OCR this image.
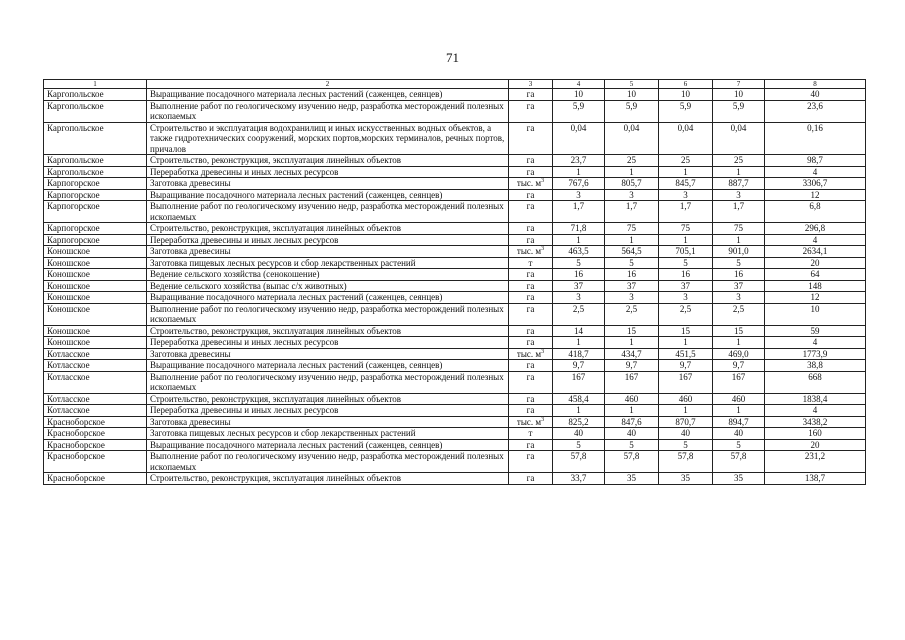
71
1	2	3	4	5	6	7	8
Каргопольское	Выращивание посадочного материала лесных растений (саженцев, сеянцев)	га	10	10	10	10	40
Каргопольское	Выполнение работ по геологическому изучению недр, разработка месторождений полезных ископаемых	га	5,9	5,9	5,9	5,9	23,6
Каргопольское	Строительство и эксплуатация водохранилищ и иных искусственных водных объектов, а также гидротехнических сооружений, морских портов,морских терминалов, речных портов, причалов	га	0,04	0,04	0,04	0,04	0,16
Каргопольское	Строительство, реконструкция, эксплуатация линейных объектов	га	23,7	25	25	25	98,7
Каргопольское	Переработка древесины и иных лесных ресурсов	га	1	1	1	1	4
Карпогорское	Заготовка древесины	тыс. $м^3$	767,6	805,7	845,7	887,7	3306,7
Карпогорское	Выращивание посадочного материала лесных растений (саженцев, сеянцев)	га	3	3	3	3	12
Карпогорское	Выполнение работ по геологическому изучению недр, разработка месторождений полезных ископаемых	га	1,7	1,7	1,7	1,7	6,8
Карпогорское	Строительство, реконструкция, эксплуатация линейных объектов	га	71,8	75	75	75	296,8
Карпогорское	Переработка древесины и иных лесных ресурсов	га	1	1	1	1	4
Коношское	Заготовка древесины	тыс. $м^3$	463,5	564,5	705,1	901,0	2634,1
Коношское	Заготовка пищевых лесных ресурсов и сбор лекарственных растений	т	5	5	5	5	20
Коношское	Ведение сельского хозяйства (сенокошение)	га	16	16	16	16	64
Коношское	Ведение сельского хозяйства (выпас с/х животных)	га	37	37	37	37	148
Коношское	Выращивание посадочного материала лесных растений (саженцев, сеянцев)	га	3	3	3	3	12
Коношское	Выполнение работ по геологическому изучению недр, разработка месторождений полезных ископаемых	га	2,5	2,5	2,5	2,5	10
Коношское	Строительство, реконструкция, эксплуатация линейных объектов	га	14	15	15	15	59
Коношское	Переработка древесины и иных лесных ресурсов	га	1	1	1	1	4
Котласское	Заготовка древесины	тыс. $м^3$	418,7	434,7	451,5	469,0	1773,9
Котласское	Выращивание посадочного материала лесных растений (саженцев, сеянцев)	га	9,7	9,7	9,7	9,7	38,8
Котласское	Выполнение работ по геологическому изучению недр, разработка месторождений полезных ископаемых	га	167	167	167	167	668
Котласское	Строительство, реконструкция, эксплуатация линейных объектов	га	458,4	460	460	460	1838,4
Котласское	Переработка древесины и иных лесных ресурсов	га	1	1	1	1	4
Красноборское	Заготовка древесины	тыс. $м^3$	825,2	847,6	870,7	894,7	3438,2
Красноборское	Заготовка пищевых лесных ресурсов и сбор лекарственных растений	т	40	40	40	40	160
Красноборское	Выращивание посадочного материала лесных растений (саженцев, сеянцев)	га	5	5	5	5	20
Красноборское	Выполнение работ по геологическому изучению недр, разработка месторождений полезных ископаемых	га	57,8	57,8	57,8	57,8	231,2
Красноборское	Строительство, реконструкция, эксплуатация линейных объектов	га	33,7	35	35	35	138,7
